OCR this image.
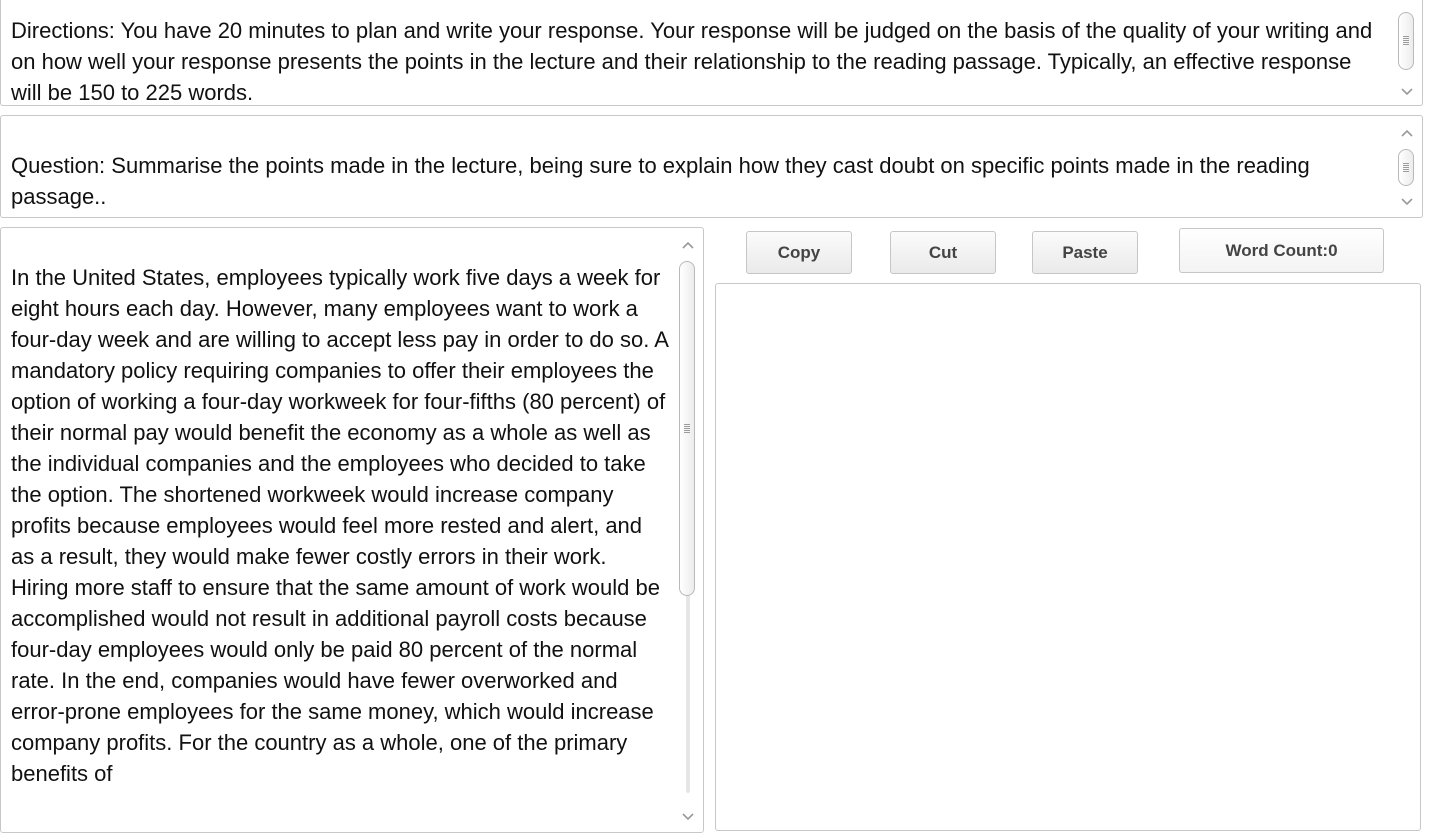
Directions: You have 20 minutes to plan and write your response. Your response will be judged on the basis of the quality of your writing and on how well your response presents the points in the lecture and their relationship to the reading passage. Typically, an effective response will be 150 to 225 words.
Question: Summarise the points made in the lecture, being sure to explain how they cast doubt on specific points made in the reading passage..
In the United States, employees typically work five days a week for eight hours each day. However, many employees want to work a four-day week and are willing to accept less pay in order to do so. A mandatory policy requiring companies to offer their employees the option of working a four-day workweek for four-fifths (80 percent) of their normal pay would benefit the economy as a whole as well as the individual companies and the employees who decided to take the option. The shortened workweek would increase company profits because employees would feel more rested and alert, and as a result, they would make fewer costly errors in their work. Hiring more staff to ensure that the same amount of work would be accomplished would not result in additional payroll costs because four-day employees would only be paid 80 percent of the normal rate. In the end, companies would have fewer overworked and error-prone employees for the same money, which would increase company profits. For the country as a whole, one of the primary benefits of
Copy	Cut	Paste	Word Count:0
